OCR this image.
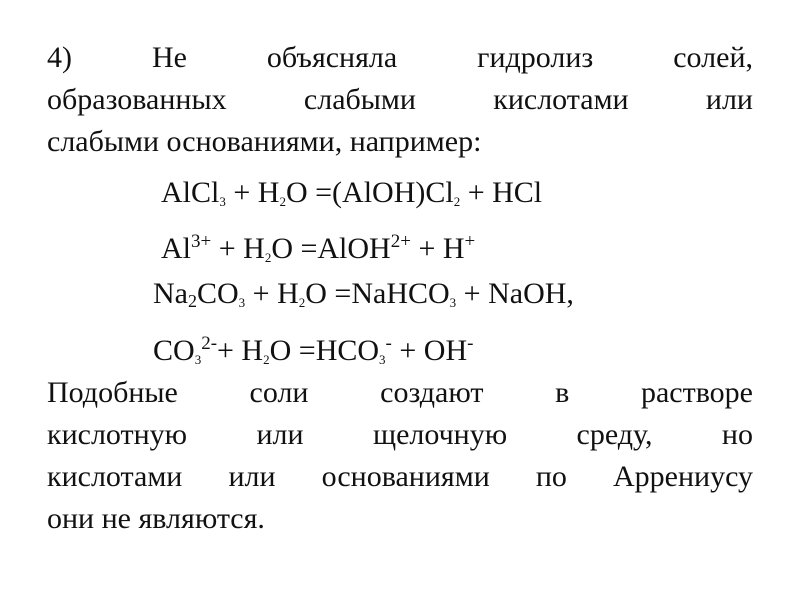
4) Не объясняла гидролиз солей,
образованных слабыми кислотами или
слабыми основаниями, например:
AlCl$_3$ + $H_2O$ $=(AlOH)Cl_2$ + HCl
$Al^{3+} + H_2O$ =AlOH$^{2+}$ + H+
$Na2CO_3 + H_2O$ =NaHCO$_3$ + NaOH,
$CO_3^{2-}+ H_2O =HCO_3^- + OH^-$
Подобные соли создают в растворе
кислотную или щелочную среду, но
кислотами или основаниями по Аррениусу
они не являются.
